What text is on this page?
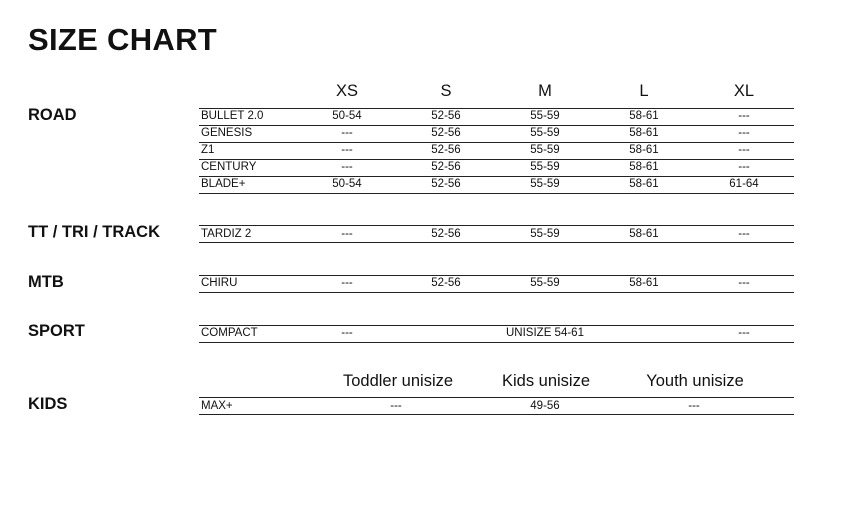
SIZE CHART
XS	S	M	L	XL
ROAD	BULLET 2.0	50-54	52-56	55-59	58-61	---
GENESIS	---	52-56	55-59	58-61	---
Z1	---	52-56	55-59	58-61	---
CENTURY	---	52-56	55-59	58-61	---
BLADE+	50-54	52-56	55-59	58-61	61-64
TT / TRI / TRACK	TARDIZ 2	---	52-56	55-59	58-61	---
MTB	CHIRU	---	52-56	55-59	58-61	---
SPORT	COMPACT	---	UNISIZE 54-61	---
Toddler unisize	Kids unisize	Youth unisize
KIDS	MAX+	---	49-56	---
